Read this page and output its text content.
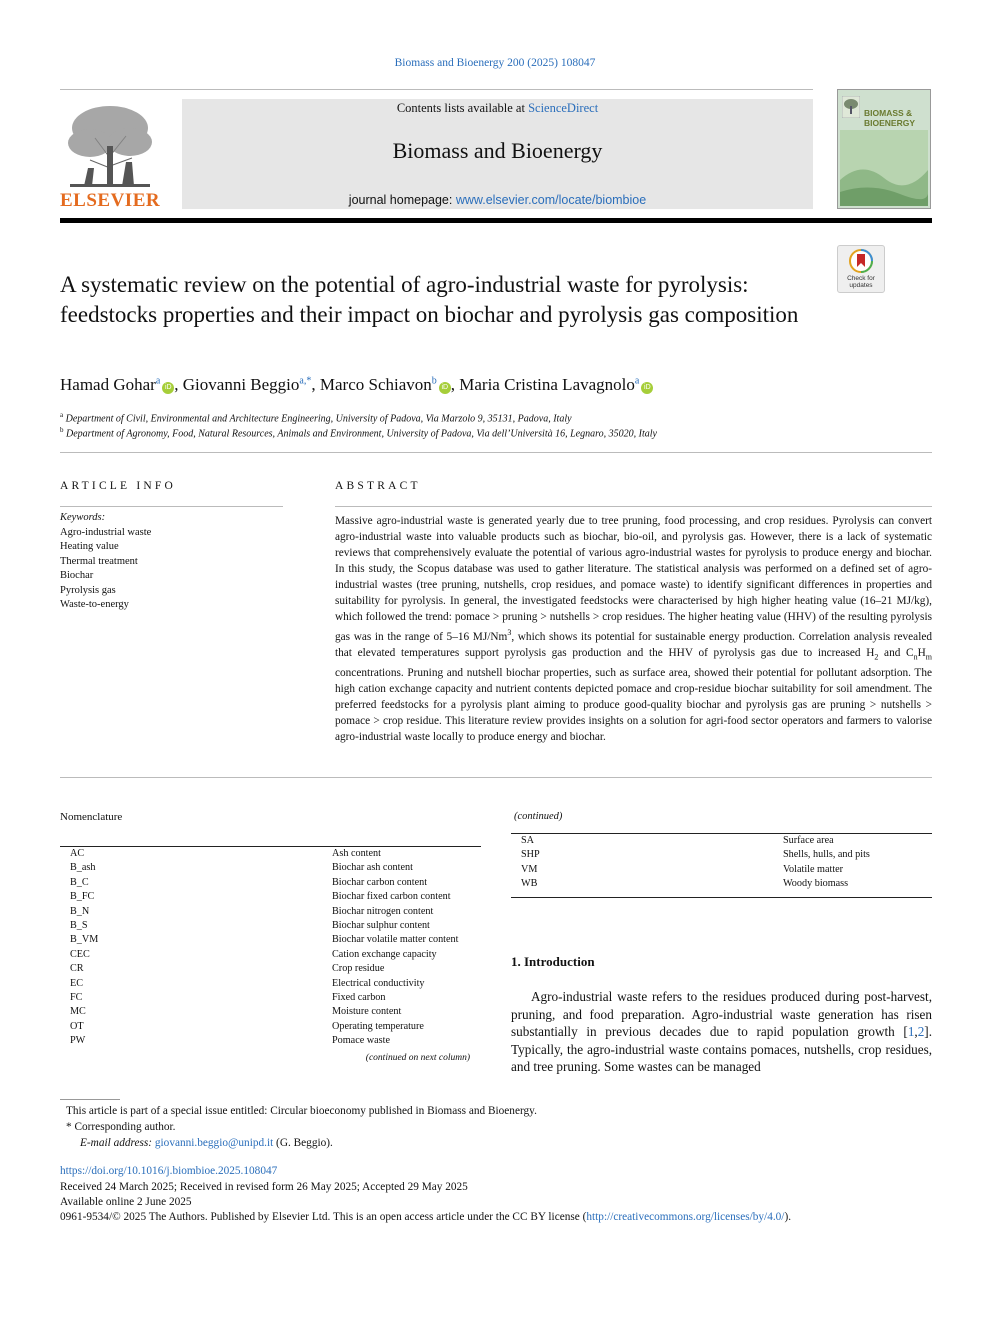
Biomass and Bioenergy 200 (2025) 108047
ELSEVIER
Contents lists available at ScienceDirect
Biomass and Bioenergy
journal homepage: www.elsevier.com/locate/biombioe
BIOMASS & BIOENERGY
Check for updates
A systematic review on the potential of agro-industrial waste for pyrolysis: feedstocks properties and their impact on biochar and pyrolysis gas composition
Hamad Gohar$^a$iD , Giovanni Beggio$^{a,*}$, Marco Schiavon$^b$iD , Maria Cristina Lavagnolo$^a$iD
$^a$ Department of Civil, Environmental and Architecture Engineering, University of Padova, Via Marzolo 9, 35131, Padova, Italy
$^b$ Department of Agronomy, Food, Natural Resources, Animals and Environment, University of Padova, Via dell’Università 16, Legnaro, 35020, Italy
ARTICLE INFO	ABSTRACT
Keywords:
Agro-industrial waste
Heating value
Thermal treatment
Biochar
Pyrolysis gas
Waste-to-energy
Massive agro-industrial waste is generated yearly due to tree pruning, food processing, and crop residues. Pyrolysis can convert agro-industrial waste into valuable products such as biochar, bio-oil, and pyrolysis gas. However, there is a lack of systematic reviews that comprehensively evaluate the potential of various agro-industrial wastes for pyrolysis to produce energy and biochar. In this study, the Scopus database was used to gather literature. The statistical analysis was performed on a defined set of agro-industrial wastes (tree pruning, nutshells, crop residues, and pomace waste) to identify significant differences in properties and suitability for pyrolysis. In general, the investigated feedstocks were characterised by high higher heating value (16–21 MJ/kg), which followed the trend: pomace > pruning > nutshells > crop residues. The higher heating value (HHV) of the resulting pyrolysis gas was in the range of 5–16 MJ/Nm$^3$, which shows its potential for sustainable energy production. Correlation analysis revealed that elevated temperatures support pyrolysis gas production and the HHV of pyrolysis gas due to increased $H_2$ and $C_nH_m$ concentrations. Pruning and nutshell biochar properties, such as surface area, showed their potential for pollutant adsorption. The high cation exchange capacity and nutrient contents depicted pomace and crop-residue biochar suitability for soil amendment. The preferred feedstocks for a pyrolysis plant aiming to produce good-quality biochar and pyrolysis gas are pruning > nutshells > pomace > crop residue. This literature review provides insights on a solution for agri-food sector operators and farmers to valorise agro-industrial waste locally to produce energy and biochar.
Nomenclature
AC	Ash content
B_ash	Biochar ash content
B_C	Biochar carbon content
B_FC	Biochar fixed carbon content
B_N	Biochar nitrogen content
B_S	Biochar sulphur content
B_VM	Biochar volatile matter content
CEC	Cation exchange capacity
CR	Crop residue
EC	Electrical conductivity
FC	Fixed carbon
MC	Moisture content
OT	Operating temperature
PW	Pomace waste
(continued on next column)
(continued)
SA	Surface area
SHP	Shells, hulls, and pits
VM	Volatile matter
WB	Woody biomass
1. Introduction
Agro-industrial waste refers to the residues produced during post-harvest, pruning, and food preparation. Agro-industrial waste generation has risen substantially in previous decades due to rapid population growth [1,2]. Typically, the agro-industrial waste contains pomaces, nutshells, crop residues, and tree pruning. Some wastes can be managed
This article is part of a special issue entitled: Circular bioeconomy published in Biomass and Bioenergy.
* Corresponding author.
E-mail address: giovanni.beggio@unipd.it (G. Beggio).
https://doi.org/10.1016/j.biombioe.2025.108047
Received 24 March 2025; Received in revised form 26 May 2025; Accepted 29 May 2025
Available online 2 June 2025
0961-9534/© 2025 The Authors. Published by Elsevier Ltd. This is an open access article under the CC BY license (http://creativecommons.org/licenses/by/4.0/).
